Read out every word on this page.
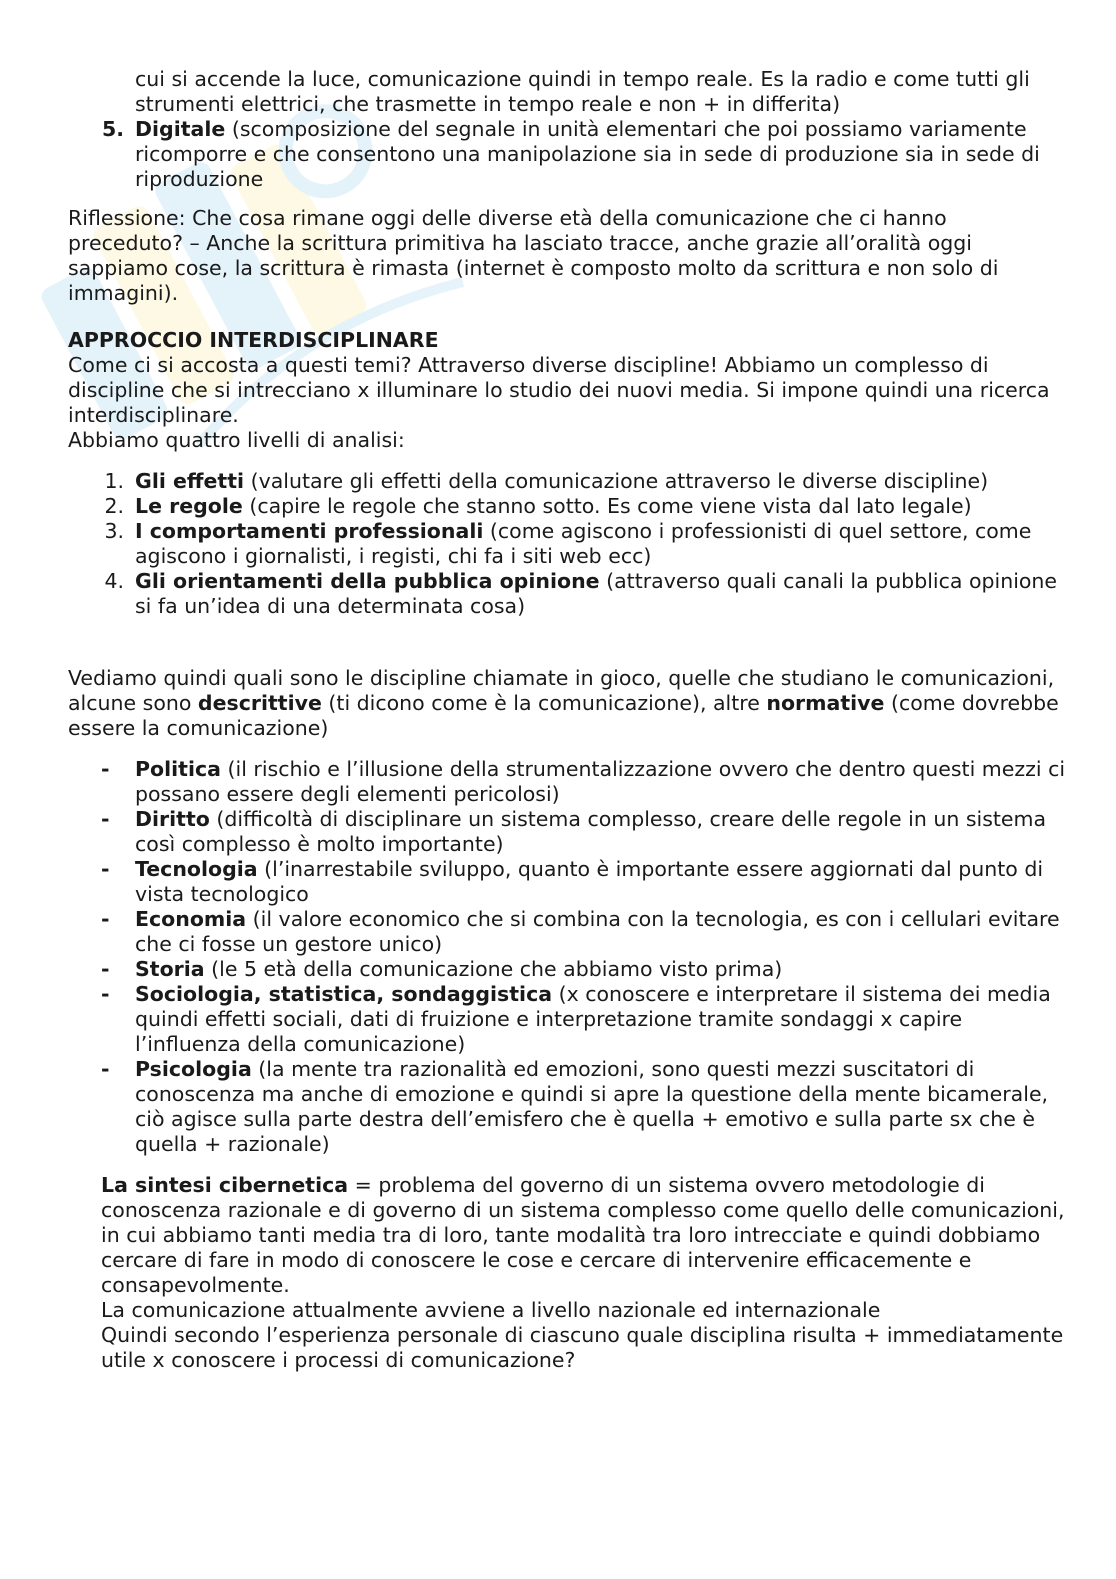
cui si accende la luce, comunicazione quindi in tempo reale. Es la radio e come tutti gli strumenti elettrici, che trasmette in tempo reale e non + in differita)

5. Digitale (scomposizione del segnale in unità elementari che poi possiamo variamente ricomporre e che consentono una manipolazione sia in sede di produzione sia in sede di riproduzione

Riflessione: Che cosa rimane oggi delle diverse età della comunicazione che ci hanno preceduto? – Anche la scrittura primitiva ha lasciato tracce, anche grazie all’oralità oggi sappiamo cose, la scrittura è rimasta (internet è composto molto da scrittura e non solo di immagini).

APPROCCIO INTERDISCIPLINARE

Come ci si accosta a questi temi? Attraverso diverse discipline! Abbiamo un complesso di discipline che si intrecciano x illuminare lo studio dei nuovi media. Si impone quindi una ricerca interdisciplinare.

Abbiamo quattro livelli di analisi:

1. Gli effetti (valutare gli effetti della comunicazione attraverso le diverse discipline)
2. Le regole (capire le regole che stanno sotto. Es come viene vista dal lato legale)
3. I comportamenti professionali (come agiscono i professionisti di quel settore, come agiscono i giornalisti, i registi, chi fa i siti web ecc)
4. Gli orientamenti della pubblica opinione (attraverso quali canali la pubblica opinione si fa un’idea di una determinata cosa)

Vediamo quindi quali sono le discipline chiamate in gioco, quelle che studiano le comunicazioni, alcune sono descrittive (ti dicono come è la comunicazione), altre normative (come dovrebbe essere la comunicazione)

- Politica (il rischio e l’illusione della strumentalizzazione ovvero che dentro questi mezzi ci possano essere degli elementi pericolosi)
- Diritto (difficoltà di disciplinare un sistema complesso, creare delle regole in un sistema così complesso è molto importante)
- Tecnologia (l’inarrestabile sviluppo, quanto è importante essere aggiornati dal punto di vista tecnologico
- Economia (il valore economico che si combina con la tecnologia, es con i cellulari evitare che ci fosse un gestore unico)
- Storia (le 5 età della comunicazione che abbiamo visto prima)
- Sociologia, statistica, sondaggistica (x conoscere e interpretare il sistema dei media quindi effetti sociali, dati di fruizione e interpretazione tramite sondaggi x capire l’influenza della comunicazione)
- Psicologia (la mente tra razionalità ed emozioni, sono questi mezzi suscitatori di conoscenza ma anche di emozione e quindi si apre la questione della mente bicamerale, ciò agisce sulla parte destra dell’emisfero che è quella + emotivo e sulla parte sx che è quella + razionale)

La sintesi cibernetica = problema del governo di un sistema ovvero metodologie di conoscenza razionale e di governo di un sistema complesso come quello delle comunicazioni, in cui abbiamo tanti media tra di loro, tante modalità tra loro intrecciate e quindi dobbiamo cercare di fare in modo di conoscere le cose e cercare di intervenire efficacemente e consapevolmente.

La comunicazione attualmente avviene a livello nazionale ed internazionale

Quindi secondo l’esperienza personale di ciascuno quale disciplina risulta + immediatamente utile x conoscere i processi di comunicazione?
